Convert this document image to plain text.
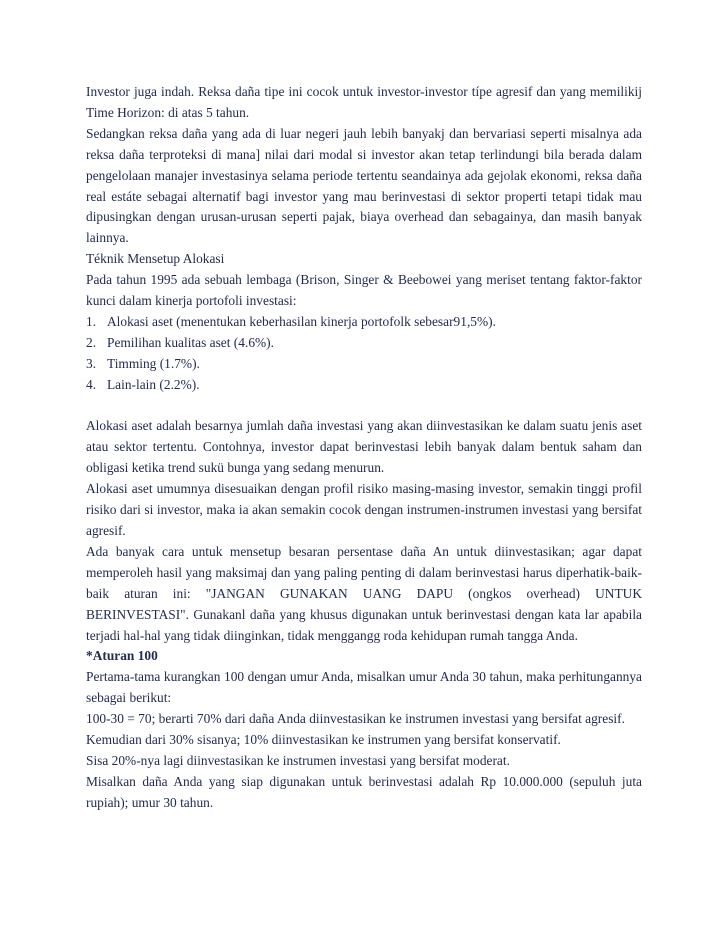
Investor juga indah. Reksa daña tipe ini cocok untuk investor-investor típe agresif dan yang memilikij Time Horizon: di atas 5 tahun.

Sedangkan reksa daña yang ada di luar negeri jauh lebih banyakj dan bervariasi seperti misalnya ada reksa daña terproteksi di mana] nilai dari modal si investor akan tetap terlindungi bila berada dalam pengelolaan manajer investasinya selama periode tertentu seandainya ada gejolak ekonomi, reksa daña real estáte sebagai alternatif bagi investor yang mau berinvestasi di sektor properti tetapi tidak mau dipusingkan dengan urusan-urusan seperti pajak, biaya overhead dan sebagainya, dan masih banyak lainnya.

Téknik Mensetup Alokasi

Pada tahun 1995 ada sebuah lembaga (Brison, Singer & Beebowei yang meriset tentang faktor-faktor kunci dalam kinerja portofoli investasi:

1. Alokasi aset (menentukan keberhasilan kinerja portofolk sebesar91,5%).
2. Pemilihan kualitas aset (4.6%).
3. Timming (1.7%).
4. Lain-lain (2.2%).

Alokasi aset adalah besarnya jumlah daña investasi yang akan diinvestasikan ke dalam suatu jenis aset atau sektor tertentu. Contohnya, investor dapat berinvestasi lebih banyak dalam bentuk saham dan obligasi ketika trend sukü bunga yang sedang menurun.

Alokasi aset umumnya disesuaikan dengan profil risiko masing-masing investor, semakin tinggi profil risiko dari si investor, maka ia akan semakin cocok dengan instrumen-instrumen investasi yang bersifat agresif.

Ada banyak cara untuk mensetup besaran persentase daña An untuk diinvestasikan; agar dapat memperoleh hasil yang maksimaj dan yang paling penting di dalam berinvestasi harus diperhatik-baik-baik aturan ini: "JANGAN GUNAKAN UANG DAPU (ongkos overhead) UNTUK BERINVESTASI". Gunakanl daña yang khusus digunakan untuk berinvestasi dengan kata lar apabila terjadi hal-hal yang tidak diinginkan, tidak menggangg roda kehidupan rumah tangga Anda.

*Aturan 100

Pertama-tama kurangkan 100 dengan umur Anda, misalkan umur Anda 30 tahun, maka perhitungannya sebagai berikut:

100-30 = 70; berarti 70% dari daña Anda diinvestasikan ke instrumen investasi yang bersifat agresif.

Kemudian dari 30% sisanya; 10% diinvestasikan ke instrumen yang bersifat konservatif.

Sisa 20%-nya lagi diinvestasikan ke instrumen investasi yang bersifat moderat.

Misalkan daña Anda yang siap digunakan untuk berinvestasi adalah Rp 10.000.000 (sepuluh juta rupiah); umur 30 tahun.
